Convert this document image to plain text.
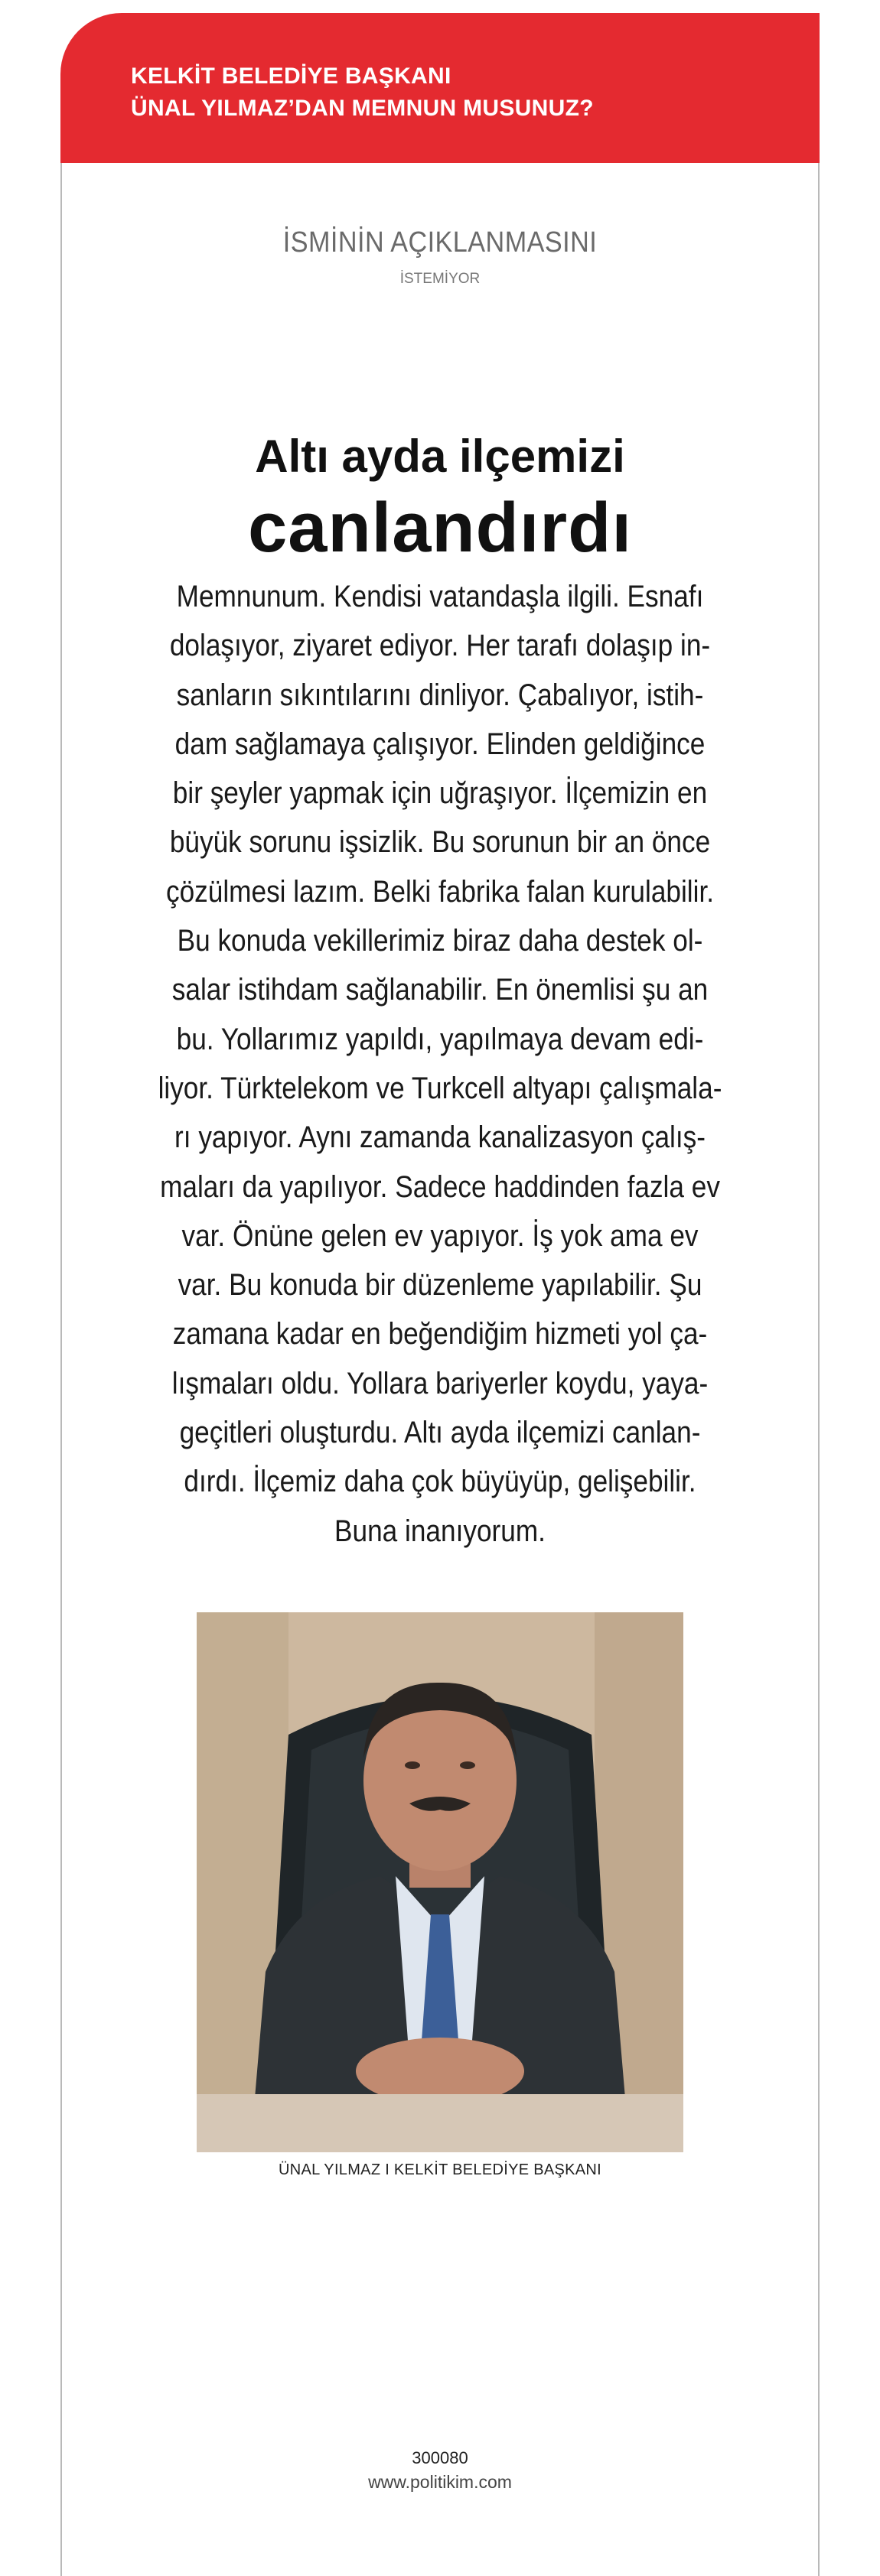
KELKİT BELEDİYE BAŞKANI
ÜNAL YILMAZ’DAN MEMNUN MUSUNUZ?
İSMİNİN AÇIKLANMASINI
İSTEMİYOR
Altı ayda ilçemizi
canlandırdı
Memnunum. Kendisi vatandaşla ilgili. Esnafı
dolaşıyor, ziyaret ediyor. Her tarafı dolaşıp in-
sanların sıkıntılarını dinliyor. Çabalıyor, istih-
dam sağlamaya çalışıyor. Elinden geldiğince
bir şeyler yapmak için uğraşıyor. İlçemizin en
büyük sorunu işsizlik. Bu sorunun bir an önce
çözülmesi lazım. Belki fabrika falan kurulabilir.
Bu konuda vekillerimiz biraz daha destek ol-
salar istihdam sağlanabilir. En önemlisi şu an
bu. Yollarımız yapıldı, yapılmaya devam edi-
liyor. Türktelekom ve Turkcell altyapı çalışmala-
rı yapıyor. Aynı zamanda kanalizasyon çalış-
maları da yapılıyor. Sadece haddinden fazla ev
var. Önüne gelen ev yapıyor. İş yok ama ev
var. Bu konuda bir düzenleme yapılabilir. Şu
zamana kadar en beğendiğim hizmeti yol ça-
lışmaları oldu. Yollara bariyerler koydu, yaya-
geçitleri oluşturdu. Altı ayda ilçemizi canlan-
dırdı. İlçemiz daha çok büyüyüp, gelişebilir.
Buna inanıyorum.
ÜNAL YILMAZ I KELKİT BELEDİYE BAŞKANI
300080
www.politikim.com
